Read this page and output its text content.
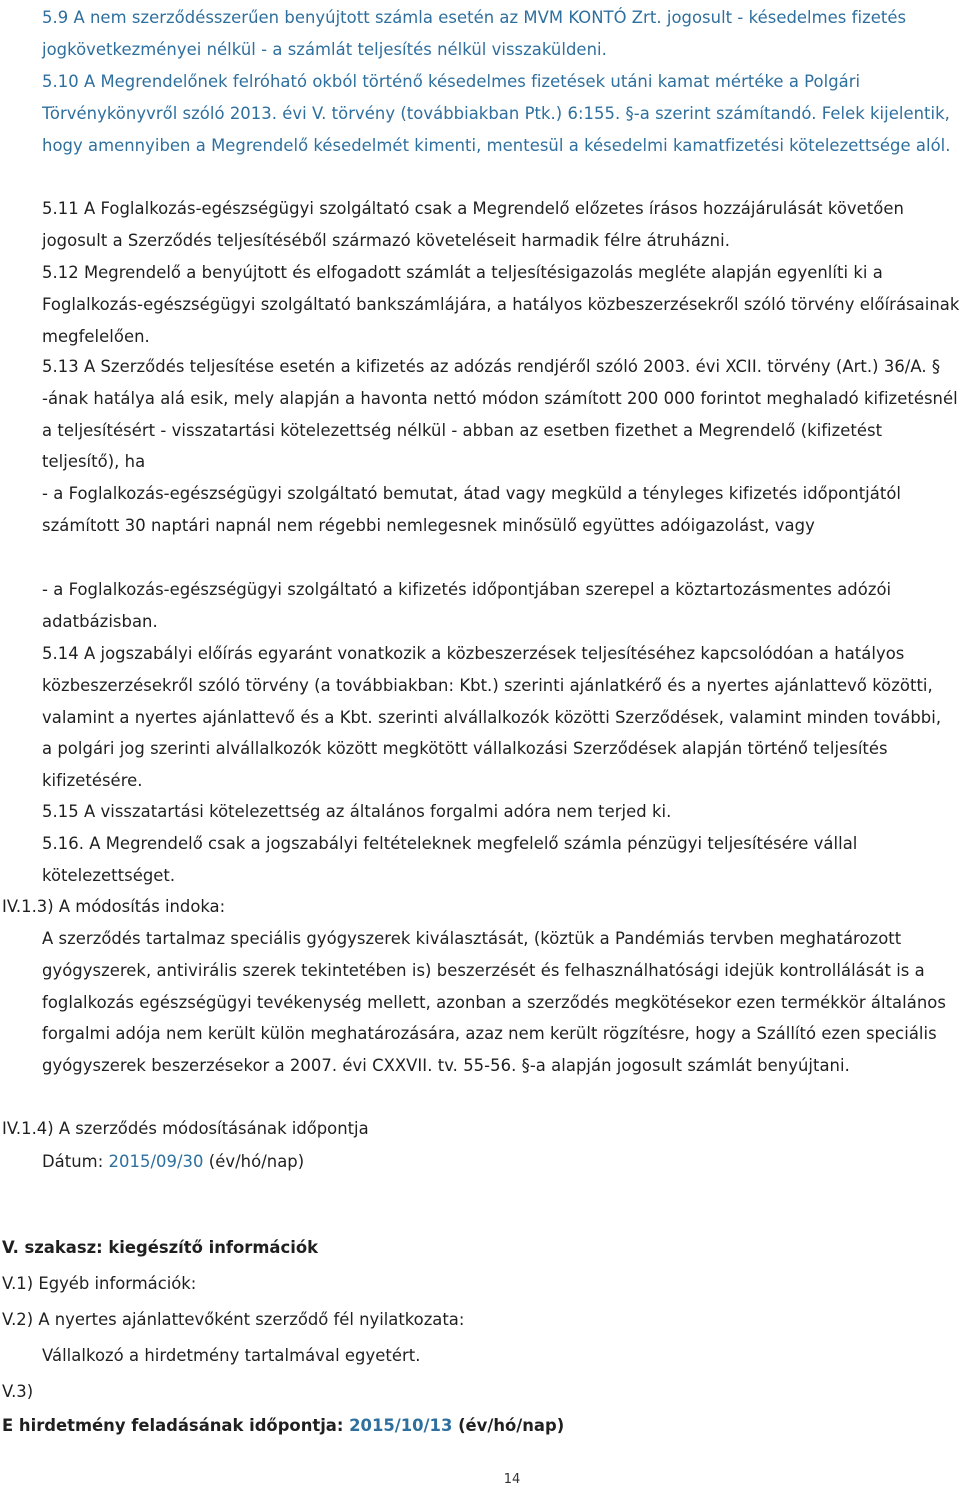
5.9 A nem szerződésszerűen benyújtott számla esetén az MVM KONTÓ Zrt. jogosult - késedelmes fizetés jogkövetkezményei nélkül - a számlát teljesítés nélkül visszaküldeni.

5.10 A Megrendelőnek felróható okból történő késedelmes fizetések utáni kamat mértéke a Polgári Törvénykönyvről szóló 2013. évi V. törvény (továbbiakban Ptk.) 6:155. §-a szerint számítandó. Felek kijelentik, hogy amennyiben a Megrendelő késedelmét kimenti, mentesül a késedelmi kamatfizetési kötelezettsége alól.

5.11 A Foglalkozás-egészségügyi szolgáltató csak a Megrendelő előzetes írásos hozzájárulását követően jogosult a Szerződés teljesítéséből származó követeléseit harmadik félre átruházni.

5.12 Megrendelő a benyújtott és elfogadott számlát a teljesítésigazolás megléte alapján egyenlíti ki a Foglalkozás-egészségügyi szolgáltató bankszámlájára, a hatályos közbeszerzésekről szóló törvény előírásainak megfelelően.

5.13 A Szerződés teljesítése esetén a kifizetés az adózás rendjéről szóló 2003. évi XCII. törvény (Art.) 36/A. § -ának hatálya alá esik, mely alapján a havonta nettó módon számított 200 000 forintot meghaladó kifizetésnél a teljesítésért - visszatartási kötelezettség nélkül - abban az esetben fizethet a Megrendelő (kifizetést teljesítő), ha

- a Foglalkozás-egészségügyi szolgáltató bemutat, átad vagy megküld a tényleges kifizetés időpontjától számított 30 naptári napnál nem régebbi nemlegesnek minősülő együttes adóigazolást, vagy

- a Foglalkozás-egészségügyi szolgáltató a kifizetés időpontjában szerepel a köztartozásmentes adózói adatbázisban.

5.14 A jogszabályi előírás egyaránt vonatkozik a közbeszerzések teljesítéséhez kapcsolódóan a hatályos közbeszerzésekről szóló törvény (a továbbiakban: Kbt.) szerinti ajánlatkérő és a nyertes ajánlattevő közötti, valamint a nyertes ajánlattevő és a Kbt. szerinti alvállalkozók közötti Szerződések, valamint minden további, a polgári jog szerinti alvállalkozók között megkötött vállalkozási Szerződések alapján történő teljesítés kifizetésére.

5.15 A visszatartási kötelezettség az általános forgalmi adóra nem terjed ki.

5.16. A Megrendelő csak a jogszabályi feltételeknek megfelelő számla pénzügyi teljesítésére vállal kötelezettséget.

IV.1.3) A módosítás indoka:

A szerződés tartalmaz speciális gyógyszerek kiválasztását, (köztük a Pandémiás tervben meghatározott gyógyszerek, antivirális szerek tekintetében is) beszerzését és felhasználhatósági idejük kontrollálását is a foglalkozás egészségügyi tevékenység mellett, azonban a szerződés megkötésekor ezen termékkör általános forgalmi adója nem került külön meghatározására, azaz nem került rögzítésre, hogy a Szállító ezen speciális gyógyszerek beszerzésekor a 2007. évi CXXVII. tv. 55-56. §-a alapján jogosult számlát benyújtani.

IV.1.4) A szerződés módosításának időpontja

Dátum: 2015/09/30 (év/hó/nap)

V. szakasz: kiegészítő információk

V.1) Egyéb információk:

V.2) A nyertes ajánlattevőként szerződő fél nyilatkozata:

Vállalkozó a hirdetmény tartalmával egyetért.

V.3)

E hirdetmény feladásának időpontja: 2015/10/13 (év/hó/nap)

14
